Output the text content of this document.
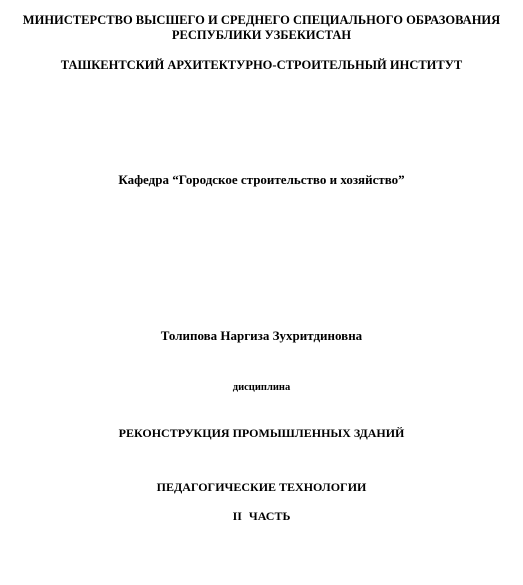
МИНИСТЕРСТВО ВЫСШЕГО И СРЕДНЕГО СПЕЦИАЛЬНОГО ОБРАЗОВАНИЯ
РЕСПУБЛИКИ УЗБЕКИСТАН
ТАШКЕНТСКИЙ АРХИТЕКТУРНО-СТРОИТЕЛЬНЫЙ ИНСТИТУТ
Кафедра “Городское строительство и хозяйство”
Толипова Наргиза Зухритдиновна
дисциплина
РЕКОНСТРУКЦИЯ ПРОМЫШЛЕННЫХ ЗДАНИЙ
ПЕДАГОГИЧЕСКИЕ ТЕХНОЛОГИИ
II ЧАСТЬ
